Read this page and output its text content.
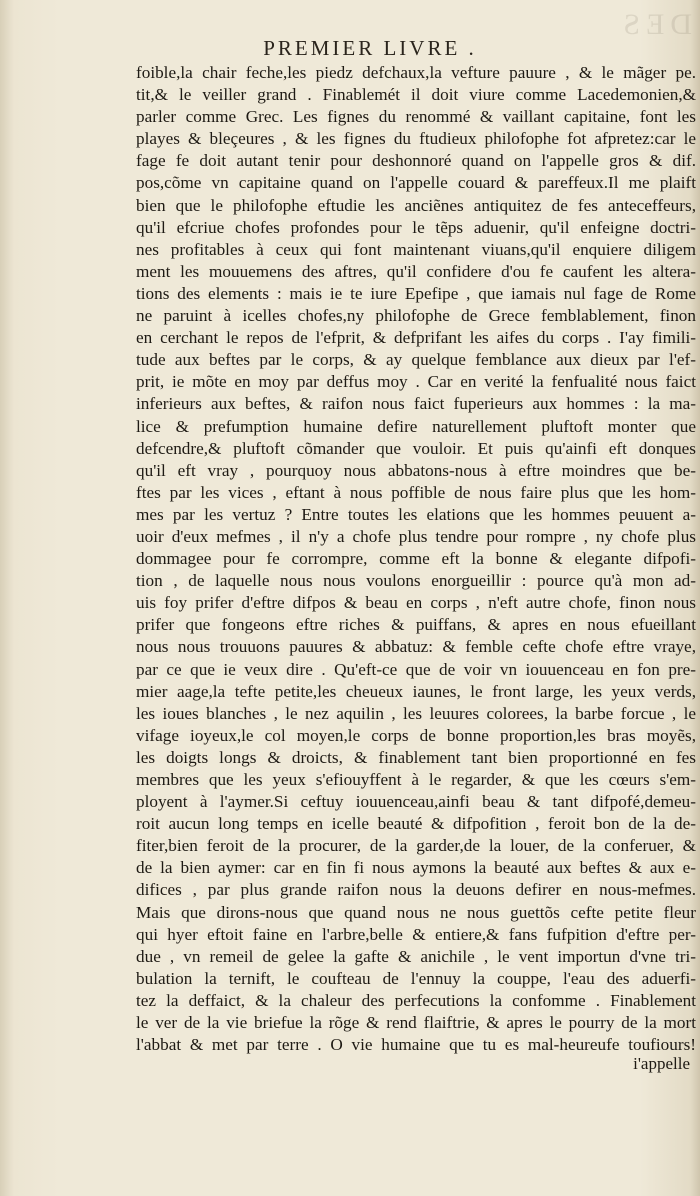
DES
PREMIER LIVRE .
foible,la chair feche,les piedz defchaux,la vefture pauure , & le mãger pe.
tit,& le veiller grand . Finablemét il doit viure comme Lacedemonien,&
parler comme Grec. Les fignes du renommé & vaillant capitaine, font les
playes & bleçeures , & les fignes du ftudieux philofophe fot afpretez:car le
fage fe doit autant tenir pour deshonnoré quand on l'appelle gros & dif.
pos,cõme vn capitaine quand on l'appelle couard & pareffeux.Il me plaift
bien que le philofophe eftudie les anciẽnes antiquitez de fes anteceffeurs,
qu'il efcriue chofes profondes pour le tẽps aduenir, qu'il enfeigne doctri-
nes profitables à ceux qui font maintenant viuans,qu'il enquiere diligem
ment les mouuemens des aftres, qu'il confidere d'ou fe caufent les altera-
tions des elements : mais ie te iure Epefipe , que iamais nul fage de Rome
ne paruint à icelles chofes,ny philofophe de Grece femblablement, finon
en cerchant le repos de l'efprit, & defprifant les aifes du corps . I'ay fimili-
tude aux beftes par le corps, & ay quelque femblance aux dieux par l'ef-
prit, ie mõte en moy par deffus moy . Car en verité la fenfualité nous faict
inferieurs aux beftes, & raifon nous faict fuperieurs aux hommes : la ma-
lice & prefumption humaine defire naturellement pluftoft monter que
defcendre,& pluftoft cõmander que vouloir. Et puis qu'ainfi eft donques
qu'il eft vray , pourquoy nous abbatons-nous à eftre moindres que be-
ftes par les vices , eftant à nous poffible de nous faire plus que les hom-
mes par les vertuz ? Entre toutes les elations que les hommes peuuent a-
uoir d'eux mefmes , il n'y a chofe plus tendre pour rompre , ny chofe plus
dommagee pour fe corrompre, comme eft la bonne & elegante difpofi-
tion , de laquelle nous nous voulons enorgueillir : pource qu'à mon ad-
uis foy prifer d'eftre difpos & beau en corps , n'eft autre chofe, finon nous
prifer que fongeons eftre riches & puiffans, & apres en nous efueillant
nous nous trouuons pauures & abbatuz: & femble cefte chofe eftre vraye,
par ce que ie veux dire . Qu'eft-ce que de voir vn iouuenceau en fon pre-
mier aage,la tefte petite,les cheueux iaunes, le front large, les yeux verds,
les ioues blanches , le nez aquilin , les leuures colorees, la barbe forcue , le
vifage ioyeux,le col moyen,le corps de bonne proportion,les bras moyẽs,
les doigts longs & droicts, & finablement tant bien proportionné en fes
membres que les yeux s'efiouyffent à le regarder, & que les cœurs s'em-
ployent à l'aymer.Si ceftuy iouuenceau,ainfi beau & tant difpofé,demeu-
roit aucun long temps en icelle beauté & difpofition , feroit bon de la de-
fiter,bien feroit de la procurer, de la garder,de la louer, de la conferuer, &
de la bien aymer: car en fin fi nous aymons la beauté aux beftes & aux e-
difices , par plus grande raifon nous la deuons defirer en nous-mefmes.
Mais que dirons-nous que quand nous ne nous guettõs cefte petite fleur
qui hyer eftoit faine en l'arbre,belle & entiere,& fans fufpition d'eftre per-
due , vn remeil de gelee la gafte & anichile , le vent importun d'vne tri-
bulation la ternift, le coufteau de l'ennuy la couppe, l'eau des aduerfi-
tez la deffaict, & la chaleur des perfecutions la confomme . Finablement
le ver de la vie briefue la rõge & rend flaiftrie, & apres le pourry de la mort
l'abbat & met par terre . O vie humaine que tu es mal-heureufe toufiours!
i'appelle
